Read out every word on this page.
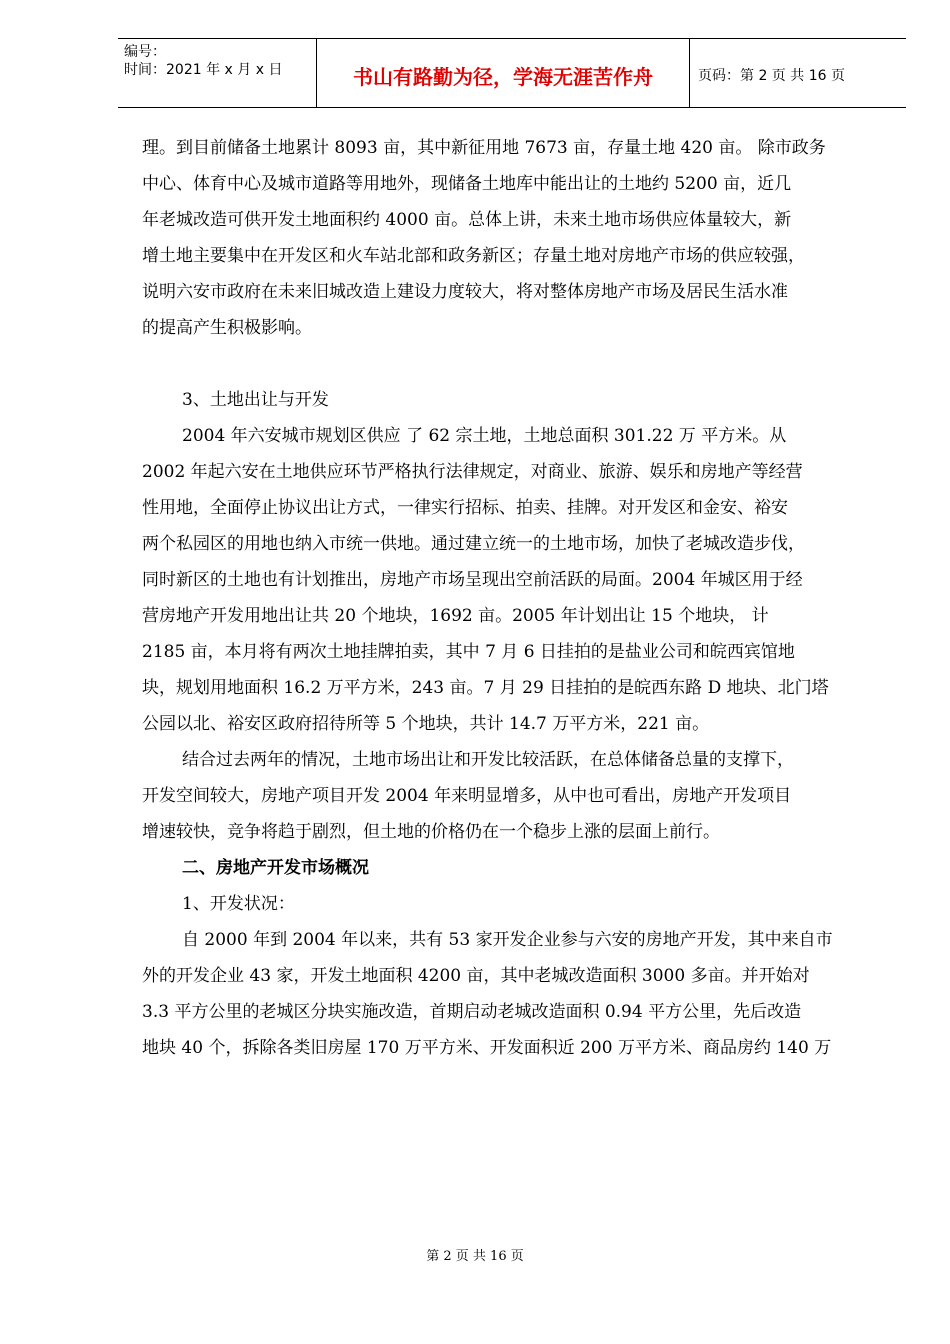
编号：
时间：2021 年 x 月 x 日	书山有路勤为径，学海无涯苦作舟	页码：第 2 页 共 16 页

理。到目前储备土地累计 8093 亩，其中新征用地 7673 亩，存量土地 420 亩。 除市政务

中心、体育中心及城市道路等用地外，现储备土地库中能出让的土地约 5200 亩，近几

年老城改造可供开发土地面积约 4000 亩。总体上讲，未来土地市场供应体量较大，新

增土地主要集中在开发区和火车站北部和政务新区；存量土地对房地产市场的供应较强，

说明六安市政府在未来旧城改造上建设力度较大，将对整体房地产市场及居民生活水准

的提高产生积极影响。

3、土地出让与开发

2004 年六安城市规划区供应 了 62 宗土地，土地总面积 301.22 万 平方米。从

2002 年起六安在土地供应环节严格执行法律规定，对商业、旅游、娱乐和房地产等经营

性用地，全面停止协议出让方式，一律实行招标、拍卖、挂牌。对开发区和金安、裕安

两个私园区的用地也纳入市统一供地。通过建立统一的土地市场，加快了老城改造步伐，

同时新区的土地也有计划推出，房地产市场呈现出空前活跃的局面。2004 年城区用于经

营房地产开发用地出让共 20 个地块，1692 亩。2005 年计划出让 15 个地块， 计

2185 亩，本月将有两次土地挂牌拍卖，其中 7 月 6 日挂拍的是盐业公司和皖西宾馆地

块，规划用地面积 16.2 万平方米，243 亩。7 月 29 日挂拍的是皖西东路 D 地块、北门塔

公园以北、裕安区政府招待所等 5 个地块，共计 14.7 万平方米，221 亩。

结合过去两年的情况，土地市场出让和开发比较活跃，在总体储备总量的支撑下，

开发空间较大，房地产项目开发 2004 年来明显增多，从中也可看出，房地产开发项目

增速较快，竞争将趋于剧烈，但土地的价格仍在一个稳步上涨的层面上前行。

二、房地产开发市场概况

1、开发状况：

自 2000 年到 2004 年以来，共有 53 家开发企业参与六安的房地产开发，其中来自市

外的开发企业 43 家，开发土地面积 4200 亩，其中老城改造面积 3000 多亩。并开始对

3.3 平方公里的老城区分块实施改造，首期启动老城改造面积 0.94 平方公里，先后改造

地块 40 个，拆除各类旧房屋 170 万平方米、开发面积近 200 万平方米、商品房约 140 万

第 2 页 共 16 页
